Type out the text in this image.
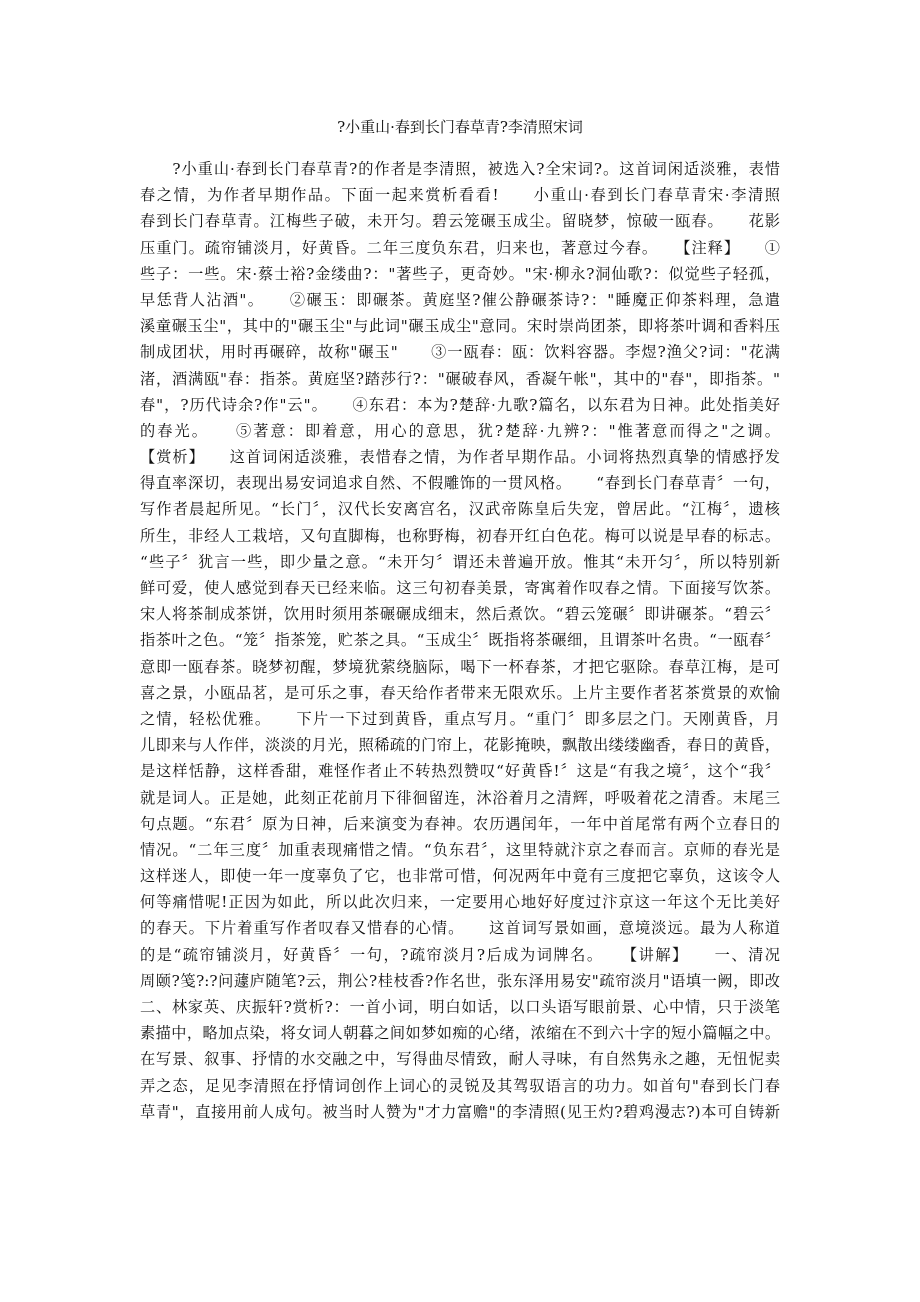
?小重山·春到长门春草青?李清照宋词
　　?小重山·春到长门春草青?的作者是李清照，被选入?全宋词?。这首词闲适淡雅，表惜
春之情，为作者早期作品。下面一起来赏析看看!　　小重山·春到长门春草青宋·李清照
春到长门春草青。江梅些子破，未开匀。碧云笼碾玉成尘。留晓梦，惊破一瓯春。　　花影
压重门。疏帘铺淡月，好黄昏。二年三度负东君，归来也，著意过今春。　　【注释】　　①
些子：一些。宋·蔡士裕?金缕曲?："著些子，更奇妙。"宋·柳永?洞仙歌?：似觉些子轻孤，
早恁背人沾酒"。　　②碾玉：即碾茶。黄庭坚?催公静碾茶诗?："睡魔正仰茶料理，急遣
溪童碾玉尘"，其中的"碾玉尘"与此词"碾玉成尘"意同。宋时崇尚团茶，即将茶叶调和香料压
制成团状，用时再碾碎，故称"碾玉"　　③一瓯春：瓯：饮料容器。李煜?渔父?词："花满
渚，酒满瓯"春：指茶。黄庭坚?踏莎行?："碾破春风，香凝午帐"，其中的"春"，即指茶。"
春"，?历代诗余?作"云"。　　④东君：本为?楚辞·九歌?篇名，以东君为日神。此处指美好
的春光。　　⑤著意：即着意，用心的意思，犹?楚辞·九辨?："惟著意而得之"之调。
【赏析】　　这首词闲适淡雅，表惜春之情，为作者早期作品。小词将热烈真挚的情感抒发
得直率深切，表现出易安词追求自然、不假雕饰的一贯风格。　　“春到长门春草青〞一句，
写作者晨起所见。“长门〞，汉代长安离宫名，汉武帝陈皇后失宠，曾居此。“江梅〞，遗核
所生，非经人工栽培，又句直脚梅，也称野梅，初春开红白色花。梅可以说是早春的标志。
“些子〞犹言一些，即少量之意。“未开匀〞谓还未普遍开放。惟其“未开匀〞，所以特别新
鲜可爱，使人感觉到春天已经来临。这三句初春美景，寄寓着作叹春之情。下面接写饮茶。
宋人将茶制成茶饼，饮用时须用茶碾碾成细末，然后煮饮。“碧云笼碾〞即讲碾茶。“碧云〞
指茶叶之色。“笼〞指茶笼，贮茶之具。“玉成尘〞既指将茶碾细，且谓茶叶名贵。“一瓯春〞
意即一瓯春茶。晓梦初醒，梦境犹萦绕脑际，喝下一杯春茶，才把它驱除。春草江梅，是可
喜之景，小瓯品茗，是可乐之事，春天给作者带来无限欢乐。上片主要作者茗茶赏景的欢愉
之情，轻松优雅。　　下片一下过到黄昏，重点写月。“重门〞即多层之门。天刚黄昏，月
儿即来与人作伴，淡淡的月光，照稀疏的门帘上，花影掩映，飘散出缕缕幽香，春日的黄昏，
是这样恬静，这样香甜，难怪作者止不转热烈赞叹“好黄昏!〞这是“有我之境〞，这个“我〞
就是词人。正是她，此刻正花前月下徘徊留连，沐浴着月之清辉，呼吸着花之清香。末尾三
句点题。“东君〞原为日神，后来演变为春神。农历遇闰年，一年中首尾常有两个立春日的
情况。“二年三度〞加重表现痛惜之情。“负东君〞，这里特就汴京之春而言。京师的春光是
这样迷人，即使一年一度辜负了它，也非常可惜，何况两年中竟有三度把它辜负，这该令人
何等痛惜呢!正因为如此，所以此次归来，一定要用心地好好度过汴京这一年这个无比美好
的春天。下片着重写作者叹春又惜春的心情。　　这首词写景如画，意境淡远。最为人称道
的是“疏帘铺淡月，好黄昏〞一句，?疏帘淡月?后成为词牌名。　　【讲解】　　一、清况
周颐?笺?:?问蘧庐随笔?云，荆公?桂枝香?作名世，张东泽用易安"疏帘淡月"语填一阙，即改
二、林家英、庆振轩?赏析?：一首小词，明白如话，以口头语写眼前景、心中情，只于淡笔
素描中，略加点染，将女词人朝暮之间如梦如痴的心绪，浓缩在不到六十字的短小篇幅之中。
在写景、叙事、抒情的水交融之中，写得曲尽情致，耐人寻味，有自然隽永之趣，无忸怩卖
弄之态，足见李清照在抒情词创作上词心的灵锐及其驾驭语言的功力。如首句"春到长门春
草青"，直接用前人成句。被当时人赞为"才力富赡"的李清照(见王灼?碧鸡漫志?)本可自铸新
